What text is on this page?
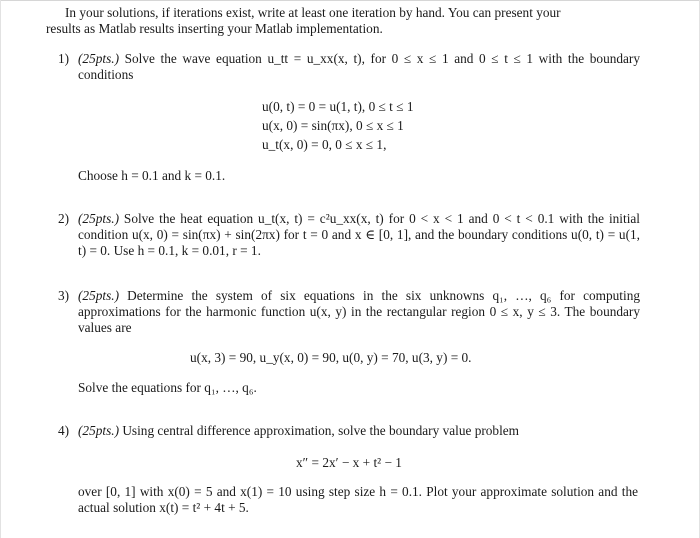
In your solutions, if iterations exist, write at least one iteration by hand. You can present your
results as Matlab results inserting your Matlab implementation.
1) (25pts.) Solve the wave equation u_tt = u_xx(x, t), for 0 ≤ x ≤ 1 and 0 ≤ t ≤ 1 with the boundary conditions
u(0, t) = 0 = u(1, t), 0 ≤ t ≤ 1
u(x, 0) = sin(πx), 0 ≤ x ≤ 1
u_t(x, 0) = 0, 0 ≤ x ≤ 1,
Choose h = 0.1 and k = 0.1.
2) (25pts.) Solve the heat equation u_t(x, t) = c²u_xx(x, t) for 0 < x < 1 and 0 < t < 0.1 with the initial condition u(x, 0) = sin(πx) + sin(2πx) for t = 0 and x ∈ [0, 1], and the boundary conditions u(0, t) = u(1, t) = 0. Use h = 0.1, k = 0.01, r = 1.
3) (25pts.) Determine the system of six equations in the six unknowns q₁, …, q₆ for computing approximations for the harmonic function u(x, y) in the rectangular region 0 ≤ x, y ≤ 3. The boundary values are
u(x, 3) = 90, u_y(x, 0) = 90, u(0, y) = 70, u(3, y) = 0.
Solve the equations for q₁, …, q₆.
4) (25pts.) Using central difference approximation, solve the boundary value problem
x″ = 2x′ − x + t² − 1
over [0, 1] with x(0) = 5 and x(1) = 10 using step size h = 0.1. Plot your approximate solution and the actual solution x(t) = t² + 4t + 5.
